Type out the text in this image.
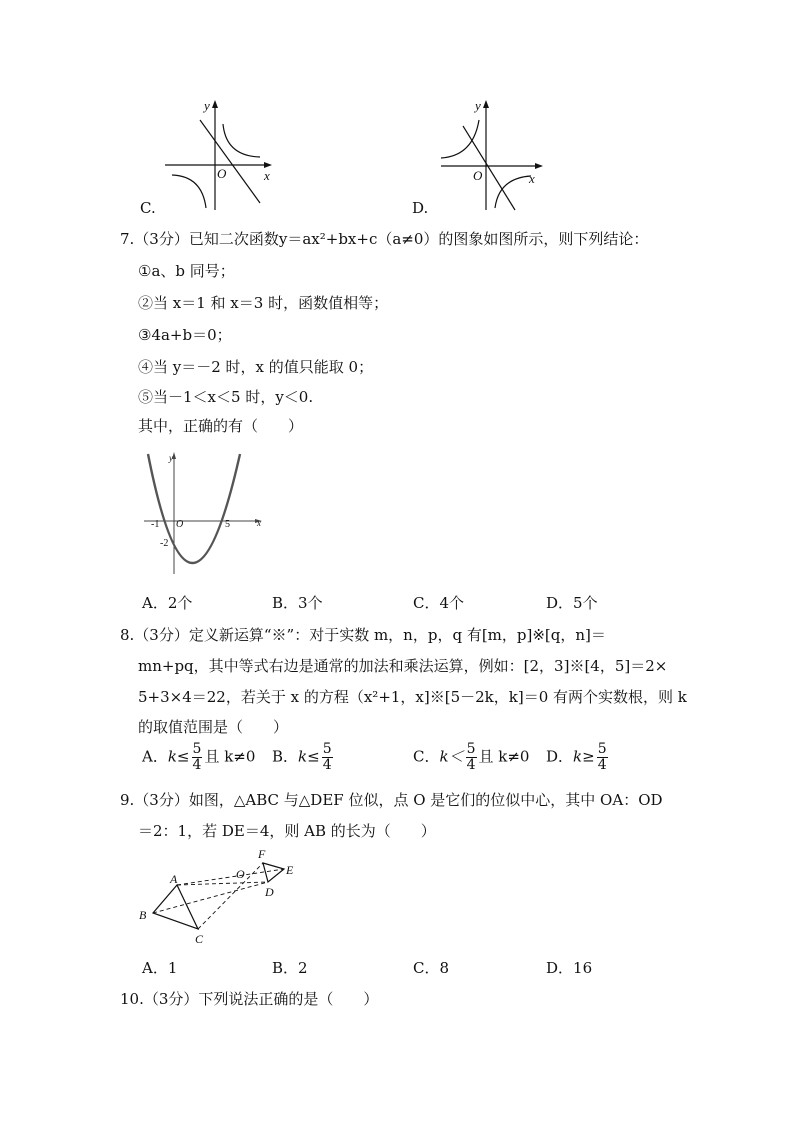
y
x
O
C.
y
x
O
D.
7.（3分）已知二次函数y＝ax²+bx+c（a≠0）的图象如图所示，则下列结论：
①a、b 同号；
②当 x＝1 和 x＝3 时，函数值相等；
③4a+b＝0；
④当 y＝－2 时，x 的值只能取 0；
⑤当－1＜x＜5 时，y＜0.
其中，正确的有（　　）
y
x
O
-1	5
-2
A．2个	B．3个	C．4个	D．5个
8.（3分）定义新运算“※”：对于实数 m，n，p，q 有[m，p]※[q，n]＝
mn+pq，其中等式右边是通常的加法和乘法运算，例如：[2，3]※[4，5]＝2×
5+3×4＝22，若关于 x 的方程（x²+1，x]※[5－2k，k]＝0 有两个实数根，则 k
的取值范围是（　　）
A．$k\le \frac{5}{4}$ 且 k≠0 B．$k\le \frac{5}{4}$	C．$k< \frac{5}{4}$ 且 k≠0 D．$k\ge \frac{5}{4}$
9.（3分）如图，△ABC 与△DEF 位似，点 O 是它们的位似中心，其中 OA：OD
＝2：1，若 DE＝4，则 AB 的长为（　　）
A
B
C
D
E
F
O
A．1	B．2	C．8	D．16
10.（3分）下列说法正确的是（　　）
